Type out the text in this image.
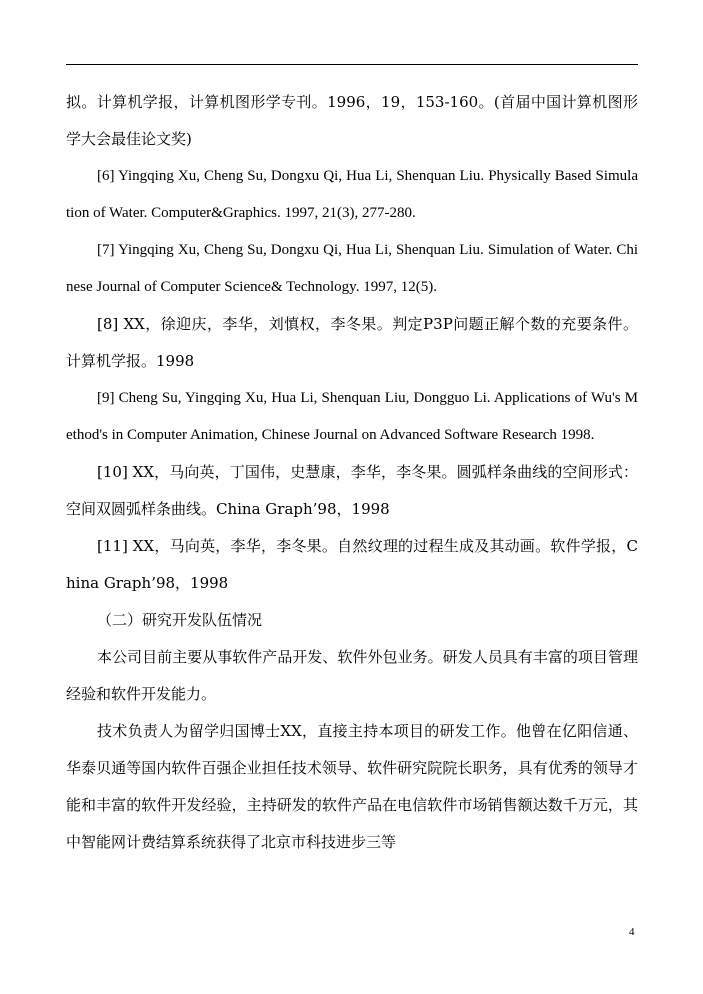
拟。计算机学报，计算机图形学专刊。1996，19，153-160。(首届中国计算机图形学大会最佳论文奖)

[6] Yingqing Xu, Cheng Su, Dongxu Qi, Hua Li, Shenquan Liu. Physically Based Simulation of Water. Computer&Graphics. 1997, 21(3), 277-280.

[7] Yingqing Xu, Cheng Su, Dongxu Qi, Hua Li, Shenquan Liu. Simulation of Water. Chinese Journal of Computer Science& Technology. 1997, 12(5).

[8] XX，徐迎庆，李华，刘慎权，李冬果。判定P3P问题正解个数的充要条件。计算机学报。1998

[9] Cheng Su, Yingqing Xu, Hua Li, Shenquan Liu, Dongguo Li. Applications of Wu's Method's in Computer Animation, Chinese Journal on Advanced Software Research 1998.

[10] XX，马向英，丁国伟，史慧康，李华，李冬果。圆弧样条曲线的空间形式：空间双圆弧样条曲线。China Graph’98，1998

[11] XX，马向英，李华，李冬果。自然纹理的过程生成及其动画。软件学报，China Graph’98，1998

（二）研究开发队伍情况

本公司目前主要从事软件产品开发、软件外包业务。研发人员具有丰富的项目管理经验和软件开发能力。

技术负责人为留学归国博士XX，直接主持本项目的研发工作。他曾在亿阳信通、华泰贝通等国内软件百强企业担任技术领导、软件研究院院长职务，具有优秀的领导才能和丰富的软件开发经验，主持研发的软件产品在电信软件市场销售额达数千万元，其中智能网计费结算系统获得了北京市科技进步三等

4
